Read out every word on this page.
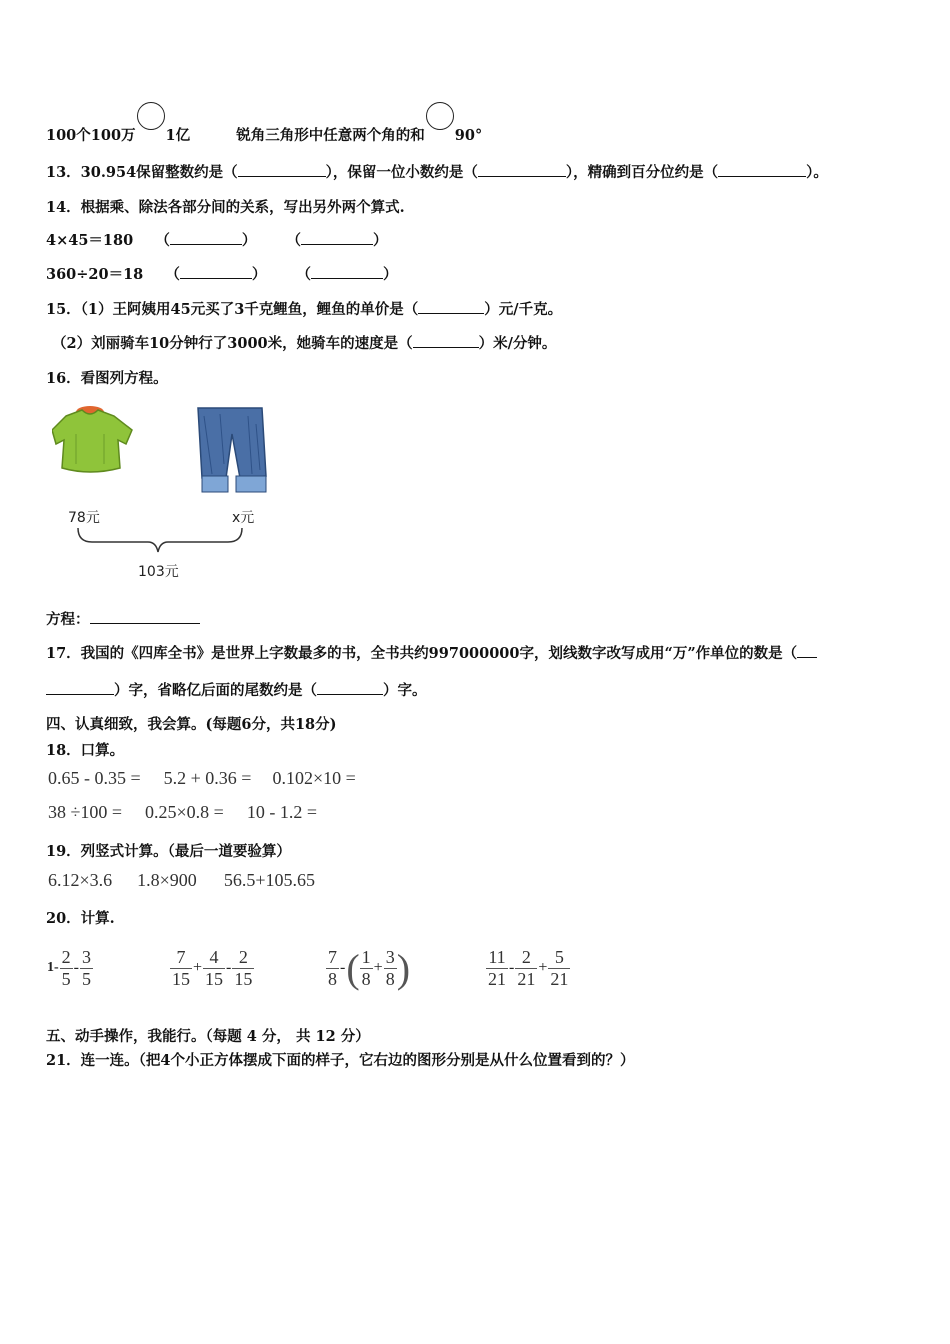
100个100万 1亿	锐角三角形中任意两个角的和 90°
13．30.954保留整数约是（	），保留一位小数约是（	），精确到百分位约是（	）。
14．根据乘、除法各部分间的关系，写出另外两个算式.
4×45＝180 （	） （	）
360÷20＝18 （	） （	）
15．（1）王阿姨用45元买了3千克鲤鱼，鲤鱼的单价是（	）元/千克。
（2）刘丽骑车10分钟行了3000米，她骑车的速度是（	）米/分钟。
16．看图列方程。
78元	x元
103元
方程：
17．我国的《四库全书》是世界上字数最多的书，全书共约997000000字，划线数字改写成用“万”作单位的数是（
）字，省略亿后面的尾数约是（	）字。
四、认真细致，我会算。(每题6分，共18分)
18．口算。
0.65 - 0.35 = 5.2 + 0.36 = 0.102×10 =
38 ÷100 = 0.25×0.8 = 10 - 1.2 =
19．列竖式计算。（最后一道要验算）
6.12×3.6 1.8×900 56.5+105.65
20．计算.
$1- \frac{2}{5} - \frac{3}{5}$	$\frac{7}{15} + \frac{4}{15} - \frac{2}{15}$	$\frac{7}{8}$ - ( $\frac{1}{8} + \frac{3}{8}$ )	$\frac{11}{21} - \frac{2}{21} + \frac{5}{21}$
五、动手操作，我能行。（每题 4 分， 共 12 分）
21．连一连。（把4个小正方体摆成下面的样子，它右边的图形分别是从什么位置看到的？）
